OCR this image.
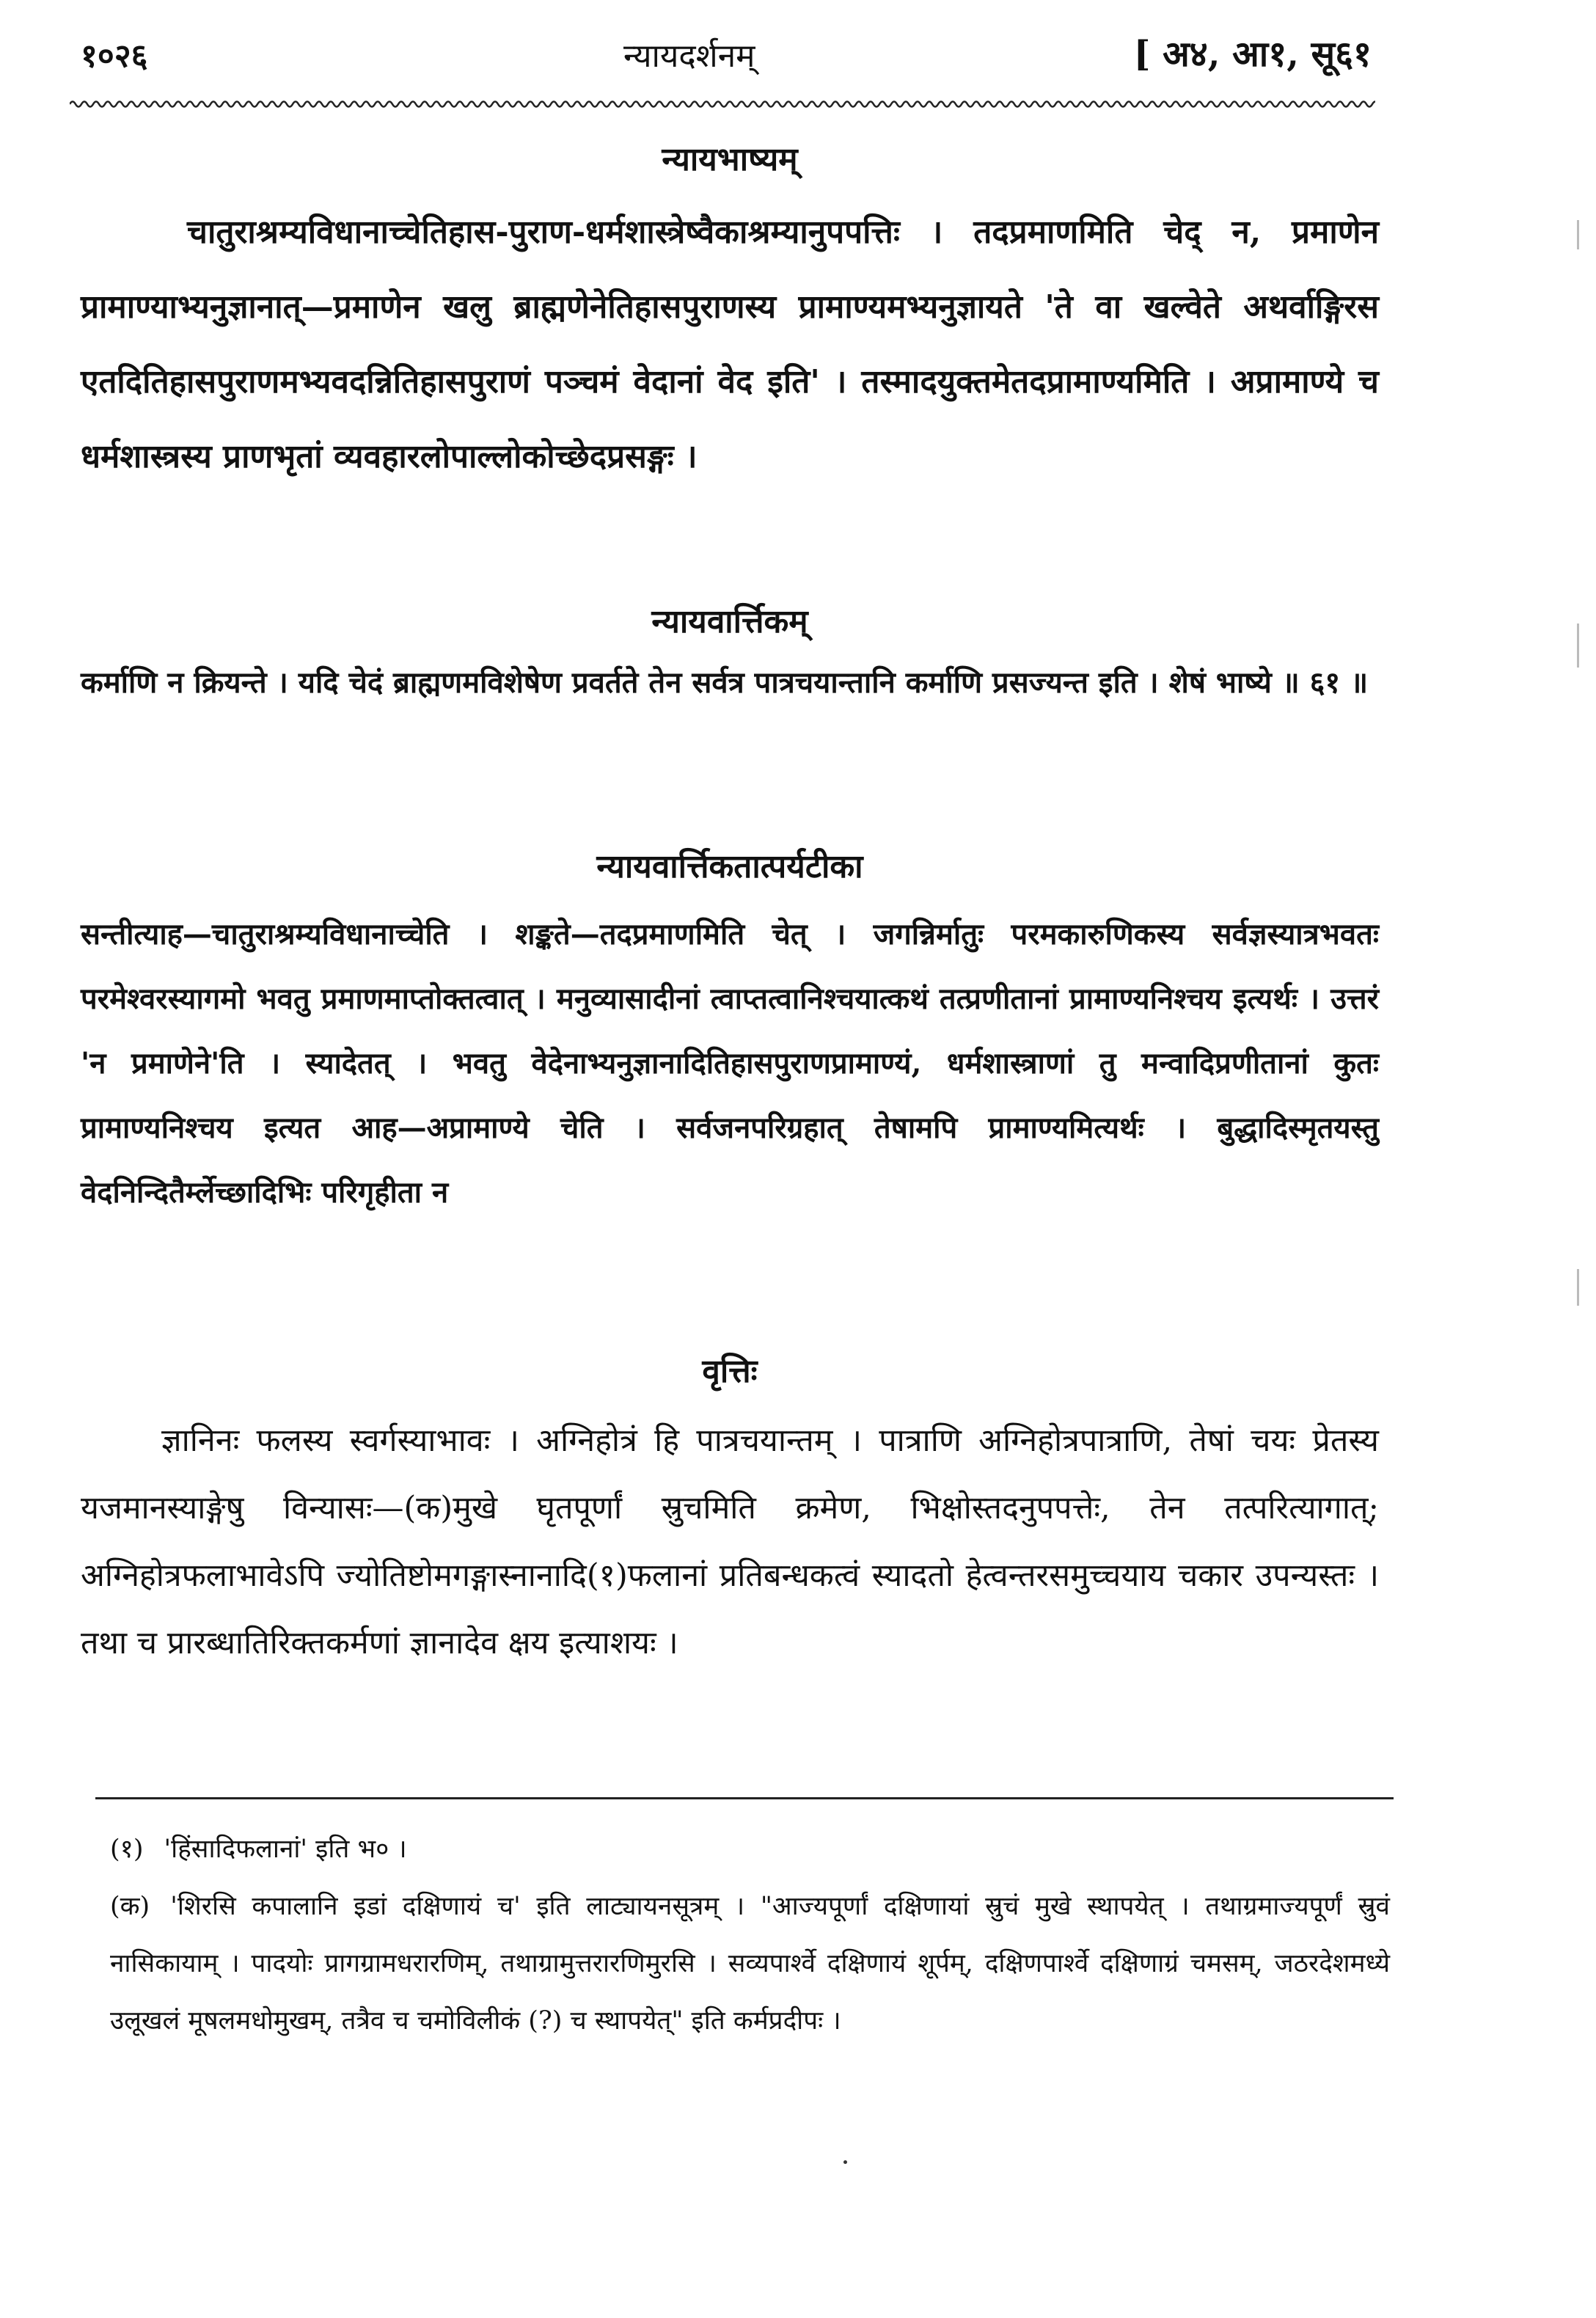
१०२६	न्यायदर्शनम्	[ अ४, आ१, सू६१
न्यायभाष्यम्
चातुराश्रम्यविधानाच्चेतिहास-पुराण-धर्मशास्त्रेष्वैकाश्रम्यानुपपत्तिः । तदप्रमाणमिति चेद् न, प्रमाणेन प्रामाण्याभ्यनुज्ञानात्—प्रमाणेन खलु ब्राह्मणेनेतिहासपुराणस्य प्रामाण्यमभ्यनुज्ञायते 'ते वा खल्वेते अथर्वाङ्गिरस एतदितिहासपुराणमभ्यवदन्नितिहासपुराणं पञ्चमं वेदानां वेद इति' । तस्मादयुक्तमेतदप्रामाण्यमिति । अप्रामाण्ये च धर्मशास्त्रस्य प्राणभृतां व्यवहारलोपाल्लोकोच्छेदप्रसङ्गः ।
न्यायवार्त्तिकम्
कर्माणि न क्रियन्ते । यदि चेदं ब्राह्मणमविशेषेण प्रवर्तते तेन सर्वत्र पात्रचयान्तानि कर्माणि प्रसज्यन्त इति । शेषं भाष्ये ॥ ६१ ॥
न्यायवार्त्तिकतात्पर्यटीका
सन्तीत्याह—चातुराश्रम्यविधानाच्चेति । शङ्कते—तदप्रमाणमिति चेत् । जगन्निर्मातुः परमकारुणिकस्य सर्वज्ञस्यात्रभवतः परमेश्वरस्यागमो भवतु प्रमाणमाप्तोक्तत्वात् । मनुव्यासादीनां त्वाप्तत्वानिश्चयात्कथं तत्प्रणीतानां प्रामाण्यनिश्चय इत्यर्थः । उत्तरं 'न प्रमाणेने'ति । स्यादेतत् । भवतु वेदेनाभ्यनुज्ञानादितिहासपुराणप्रामाण्यं, धर्मशास्त्राणां तु मन्वादिप्रणीतानां कुतः प्रामाण्यनिश्चय इत्यत आह—अप्रामाण्ये चेति । सर्वजनपरिग्रहात् तेषामपि प्रामाण्यमित्यर्थः । बुद्धादिस्मृतयस्तु वेदनिन्दितैर्म्लेच्छादिभिः परिगृहीता न
वृत्तिः
ज्ञानिनः फलस्य स्वर्गस्याभावः । अग्निहोत्रं हि पात्रचयान्तम् । पात्राणि अग्निहोत्रपात्राणि, तेषां चयः प्रेतस्य यजमानस्याङ्गेषु विन्यासः—(क)मुखे घृतपूर्णां स्रुचमिति क्रमेण, भिक्षोस्तदनुपपत्तेः, तेन तत्परित्यागात्; अग्निहोत्रफलाभावेऽपि ज्योतिष्टोमगङ्गास्नानादि(१)फलानां प्रतिबन्धकत्वं स्यादतो हेत्वन्तरसमुच्चयाय चकार उपन्यस्तः । तथा च प्रारब्धातिरिक्तकर्मणां ज्ञानादेव क्षय इत्याशयः ।
(१) 'हिंसादिफलानां' इति भ० ।
(क) 'शिरसि कपालानि इडां दक्षिणायं च' इति लाट्यायनसूत्रम् । "आज्यपूर्णां दक्षिणायां स्रुचं मुखे स्थापयेत् । तथाग्रमाज्यपूर्णं स्रुवं नासिकायाम् । पादयोः प्रागग्रामधरारणिम्, तथाग्रामुत्तरारणिमुरसि । सव्यपार्श्वे दक्षिणायं शूर्पम्, दक्षिणपार्श्वे दक्षिणाग्रं चमसम्, जठरदेशमध्ये उलूखलं मूषलमधोमुखम्, तत्रैव च चमोविलीकं (?) च स्थापयेत्" इति कर्मप्रदीपः ।
